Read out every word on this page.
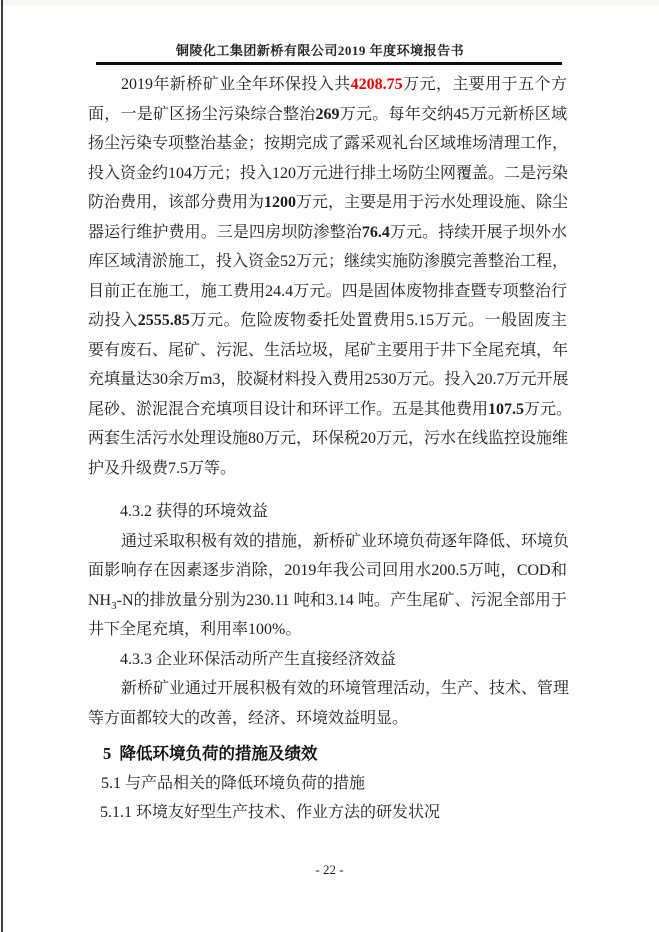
铜陵化工集团新桥有限公司2019 年度环境报告书
2019年新桥矿业全年环保投入共4208.75万元，主要用于五个方
面，一是矿区扬尘污染综合整治269万元。每年交纳45万元新桥区域
扬尘污染专项整治基金；按期完成了露采观礼台区域堆场清理工作，
投入资金约104万元；投入120万元进行排土场防尘网覆盖。二是污染
防治费用，该部分费用为1200万元，主要是用于污水处理设施、除尘
器运行维护费用。三是四房坝防渗整治76.4万元。持续开展子坝外水
库区域清淤施工，投入资金52万元；继续实施防渗膜完善整治工程，
目前正在施工，施工费用24.4万元。四是固体废物排查暨专项整治行
动投入2555.85万元。危险废物委托处置费用5.15万元。一般固废主
要有废石、尾矿、污泥、生活垃圾，尾矿主要用于井下全尾充填，年
充填量达30余万m3，胶凝材料投入费用2530万元。投入20.7万元开展
尾砂、淤泥混合充填项目设计和环评工作。五是其他费用107.5万元。
两套生活污水处理设施80万元，环保税20万元，污水在线监控设施维
护及升级费7.5万等。
4.3.2 获得的环境效益
通过采取积极有效的措施，新桥矿业环境负荷逐年降低、环境负
面影响存在因素逐步消除，2019年我公司回用水200.5万吨，COD和
$NH_3-N$的排放量分别为230.11 吨和3.14 吨。产生尾矿、污泥全部用于
井下全尾充填，利用率100%。
4.3.3 企业环保活动所产生直接经济效益
新桥矿业通过开展积极有效的环境管理活动，生产、技术、管理
等方面都较大的改善，经济、环境效益明显。
5 降低环境负荷的措施及绩效
5.1 与产品相关的降低环境负荷的措施
5.1.1 环境友好型生产技术、作业方法的研发状况
- 22 -
